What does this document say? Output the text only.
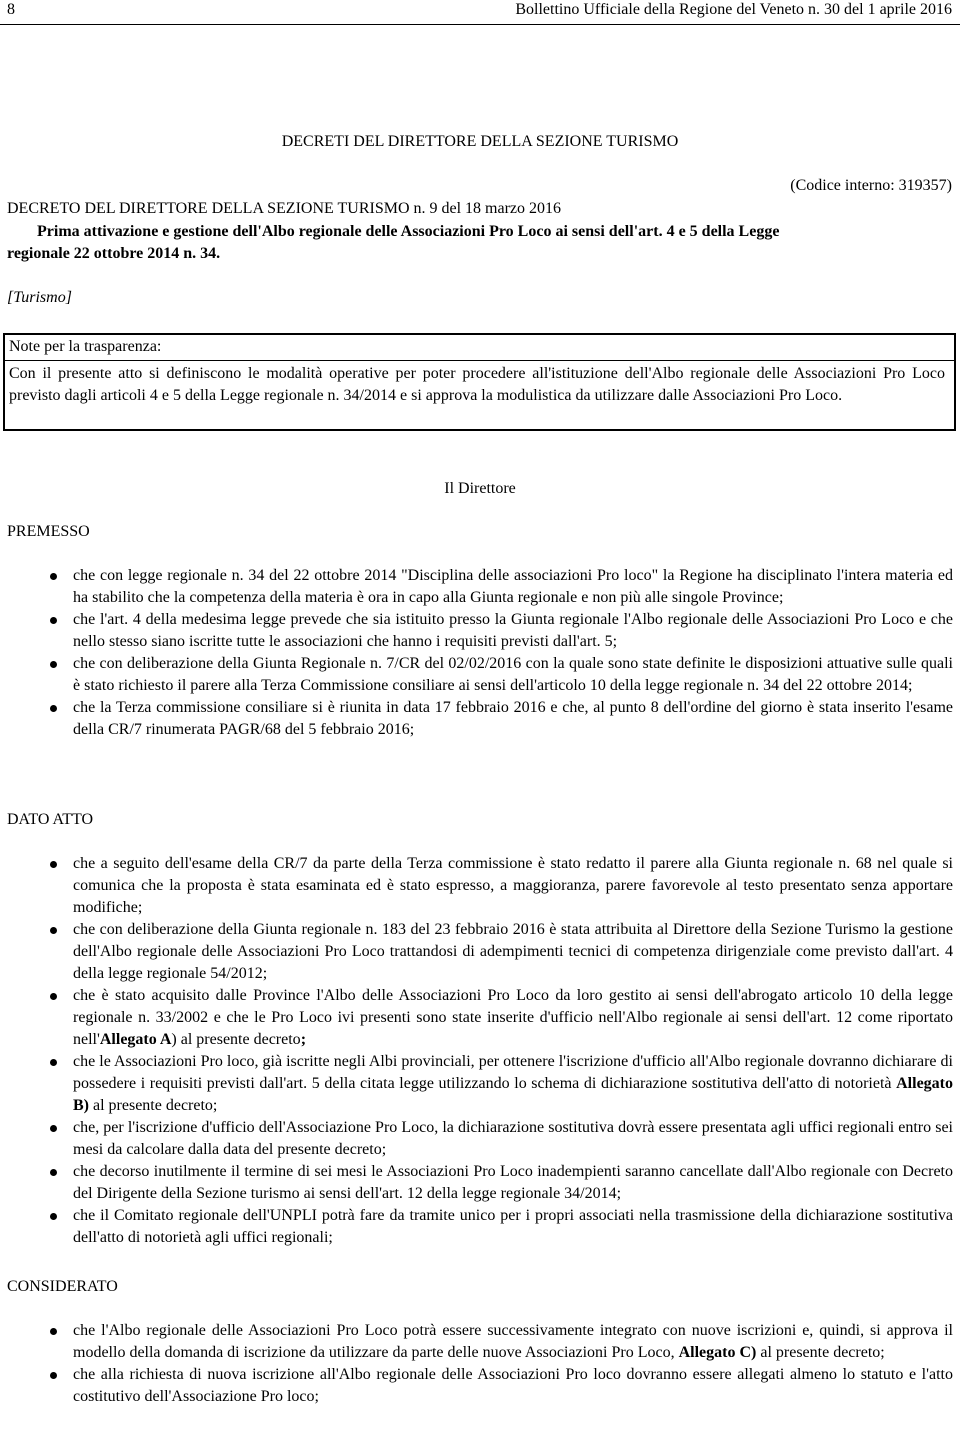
8	Bollettino Ufficiale della Regione del Veneto n. 30 del 1 aprile 2016
DECRETI DEL DIRETTORE DELLA SEZIONE TURISMO
(Codice interno: 319357)
DECRETO DEL DIRETTORE DELLA SEZIONE TURISMO n. 9 del 18 marzo 2016
Prima attivazione e gestione dell'Albo regionale delle Associazioni Pro Loco ai sensi dell'art. 4 e 5 della Legge
regionale 22 ottobre 2014 n. 34.
[Turismo]
Note per la trasparenza:
Con il presente atto si definiscono le modalità operative per poter procedere all'istituzione dell'Albo regionale delle Associazioni Pro Loco previsto dagli articoli 4 e 5 della Legge regionale n. 34/2014 e si approva la modulistica da utilizzare dalle Associazioni Pro Loco.
Il Direttore
PREMESSO
che con legge regionale n. 34 del 22 ottobre 2014 "Disciplina delle associazioni Pro loco" la Regione ha disciplinato l'intera materia ed ha stabilito che la competenza della materia è ora in capo alla Giunta regionale e non più alle singole Province;
che l'art. 4 della medesima legge prevede che sia istituito presso la Giunta regionale l'Albo regionale delle Associazioni Pro Loco e che nello stesso siano iscritte tutte le associazioni che hanno i requisiti previsti dall'art. 5;
che con deliberazione della Giunta Regionale n. 7/CR del 02/02/2016 con la quale sono state definite le disposizioni attuative sulle quali è stato richiesto il parere alla Terza Commissione consiliare ai sensi dell'articolo 10 della legge regionale n. 34 del 22 ottobre 2014;
che la Terza commissione consiliare si è riunita in data 17 febbraio 2016 e che, al punto 8 dell'ordine del giorno è stata inserito l'esame della CR/7 rinumerata PAGR/68 del 5 febbraio 2016;
DATO ATTO
che a seguito dell'esame della CR/7 da parte della Terza commissione è stato redatto il parere alla Giunta regionale n. 68 nel quale si comunica che la proposta è stata esaminata ed è stato espresso, a maggioranza, parere favorevole al testo presentato senza apportare modifiche;
che con deliberazione della Giunta regionale n. 183 del 23 febbraio 2016 è stata attribuita al Direttore della Sezione Turismo la gestione dell'Albo regionale delle Associazioni Pro Loco trattandosi di adempimenti tecnici di competenza dirigenziale come previsto dall'art. 4 della legge regionale 54/2012;
che è stato acquisito dalle Province l'Albo delle Associazioni Pro Loco da loro gestito ai sensi dell'abrogato articolo 10 della legge regionale n. 33/2002 e che le Pro Loco ivi presenti sono state inserite d'ufficio nell'Albo regionale ai sensi dell'art. 12 come riportato nell'Allegato A) al presente decreto;
che le Associazioni Pro loco, già iscritte negli Albi provinciali, per ottenere l'iscrizione d'ufficio all'Albo regionale dovranno dichiarare di possedere i requisiti previsti dall'art. 5 della citata legge utilizzando lo schema di dichiarazione sostitutiva dell'atto di notorietà Allegato B) al presente decreto;
che, per l'iscrizione d'ufficio dell'Associazione Pro Loco, la dichiarazione sostitutiva dovrà essere presentata agli uffici regionali entro sei mesi da calcolare dalla data del presente decreto;
che decorso inutilmente il termine di sei mesi le Associazioni Pro Loco inadempienti saranno cancellate dall'Albo regionale con Decreto del Dirigente della Sezione turismo ai sensi dell'art. 12 della legge regionale 34/2014;
che il Comitato regionale dell'UNPLI potrà fare da tramite unico per i propri associati nella trasmissione della dichiarazione sostitutiva dell'atto di notorietà agli uffici regionali;
CONSIDERATO
che l'Albo regionale delle Associazioni Pro Loco potrà essere successivamente integrato con nuove iscrizioni e, quindi, si approva il modello della domanda di iscrizione da utilizzare da parte delle nuove Associazioni Pro Loco, Allegato C) al presente decreto;
che alla richiesta di nuova iscrizione all'Albo regionale delle Associazioni Pro loco dovranno essere allegati almeno lo statuto e l'atto costitutivo dell'Associazione Pro loco;
